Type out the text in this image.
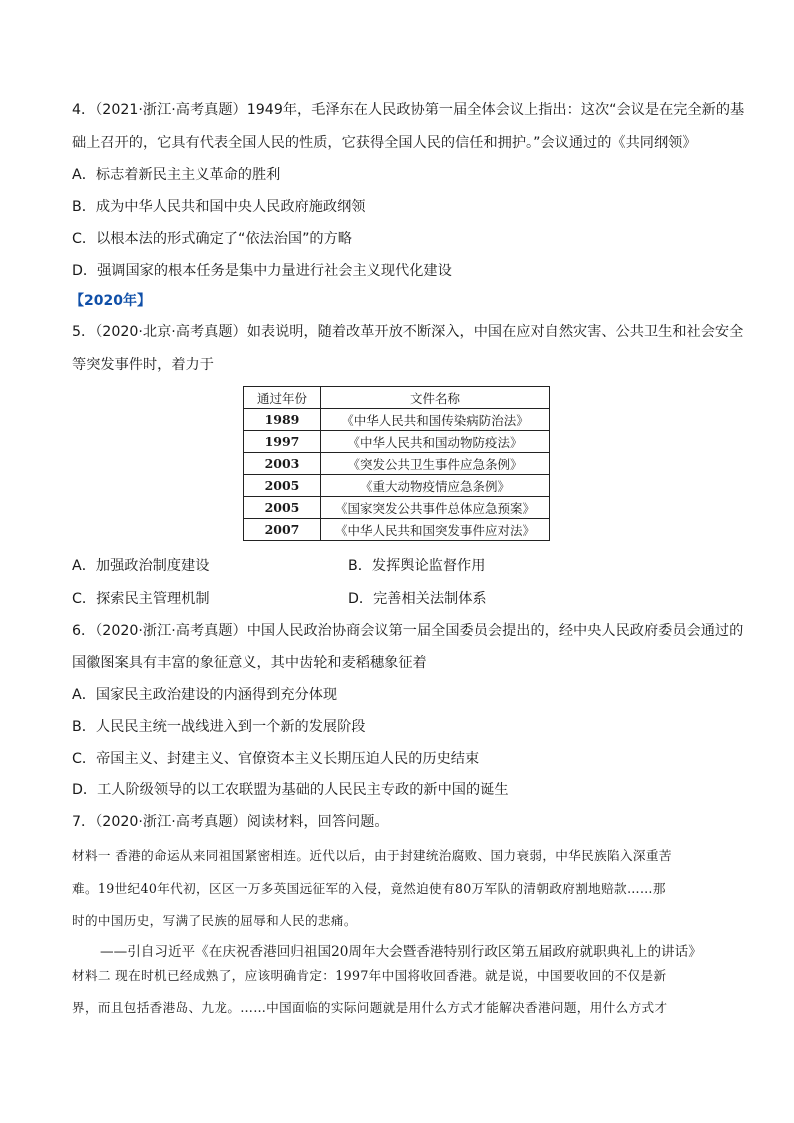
4．（2021·浙江·高考真题）1949年，毛泽东在人民政协第一届全体会议上指出：这次“会议是在完全新的基
础上召开的，它具有代表全国人民的性质，它获得全国人民的信任和拥护。”会议通过的《共同纲领》
A．标志着新民主主义革命的胜利
B．成为中华人民共和国中央人民政府施政纲领
C．以根本法的形式确定了“依法治国”的方略
D．强调国家的根本任务是集中力量进行社会主义现代化建设
【2020年】
5．（2020·北京·高考真题）如表说明，随着改革开放不断深入，中国在应对自然灾害、公共卫生和社会安全
等突发事件时，着力于
通过年份	文件名称
1989	《中华人民共和国传染病防治法》
1997	《中华人民共和国动物防疫法》
2003	《突发公共卫生事件应急条例》
2005	《重大动物疫情应急条例》
2005	《国家突发公共事件总体应急预案》
2007	《中华人民共和国突发事件应对法》
A．加强政治制度建设	B．发挥舆论监督作用
C．探索民主管理机制	D．完善相关法制体系
6．（2020·浙江·高考真题）中国人民政治协商会议第一届全国委员会提出的，经中央人民政府委员会通过的
国徽图案具有丰富的象征意义，其中齿轮和麦稻穗象征着
A．国家民主政治建设的内涵得到充分体现
B．人民民主统一战线进入到一个新的发展阶段
C．帝国主义、封建主义、官僚资本主义长期压迫人民的历史结束
D．工人阶级领导的以工农联盟为基础的人民民主专政的新中国的诞生
7．（2020·浙江·高考真题）阅读材料，回答问题。
材料一 香港的命运从来同祖国紧密相连。近代以后，由于封建统治腐败、国力衰弱，中华民族陷入深重苦
难。19世纪40年代初，区区一万多英国远征军的入侵，竟然迫使有80万军队的清朝政府割地赔款……那
时的中国历史，写满了民族的屈辱和人民的悲痛。
——引自习近平《在庆祝香港回归祖国20周年大会暨香港特别行政区第五届政府就职典礼上的讲话》
材料二 现在时机已经成熟了，应该明确肯定：1997年中国将收回香港。就是说，中国要收回的不仅是新
界，而且包括香港岛、九龙。……中国面临的实际问题就是用什么方式才能解决香港问题，用什么方式才
